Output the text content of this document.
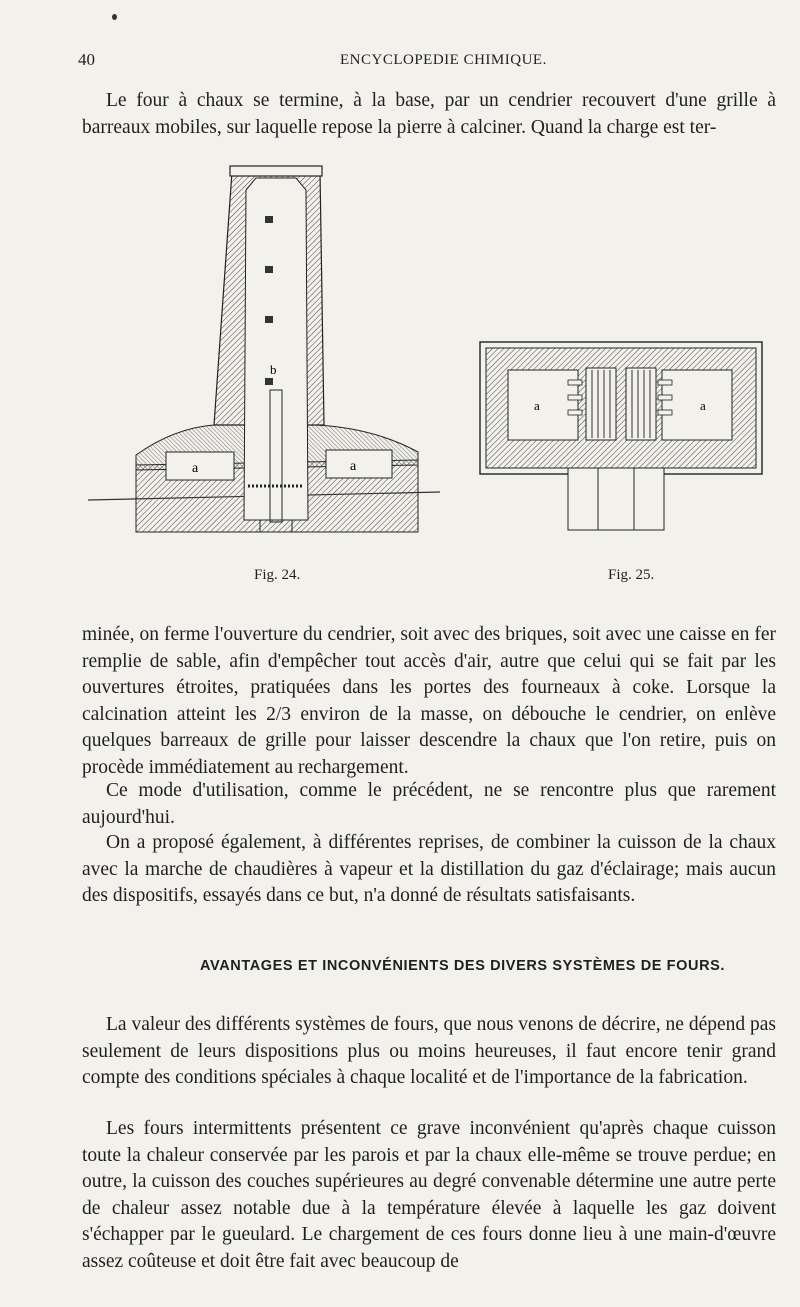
40	ENCYCLOPEDIE CHIMIQUE.

Le four à chaux se termine, à la base, par un cendrier recouvert d'une grille à barreaux mobiles, sur laquelle repose la pierre à calciner. Quand la charge est ter-

b
a	a
Fig. 24.
a	a
Fig. 25.

minée, on ferme l'ouverture du cendrier, soit avec des briques, soit avec une caisse en fer remplie de sable, afin d'empêcher tout accès d'air, autre que celui qui se fait par les ouvertures étroites, pratiquées dans les portes des fourneaux à coke. Lorsque la calcination atteint les 2/3 environ de la masse, on débouche le cendrier, on enlève quelques barreaux de grille pour laisser descendre la chaux que l'on retire, puis on procède immédiatement au rechargement.

Ce mode d'utilisation, comme le précédent, ne se rencontre plus que rarement aujourd'hui.

On a proposé également, à différentes reprises, de combiner la cuisson de la chaux avec la marche de chaudières à vapeur et la distillation du gaz d'éclairage; mais aucun des dispositifs, essayés dans ce but, n'a donné de résultats satisfaisants.

AVANTAGES ET INCONVÉNIENTS DES DIVERS SYSTÈMES DE FOURS.

La valeur des différents systèmes de fours, que nous venons de décrire, ne dépend pas seulement de leurs dispositions plus ou moins heureuses, il faut encore tenir grand compte des conditions spéciales à chaque localité et de l'importance de la fabrication.

Les fours intermittents présentent ce grave inconvénient qu'après chaque cuisson toute la chaleur conservée par les parois et par la chaux elle-même se trouve perdue; en outre, la cuisson des couches supérieures au degré convenable détermine une autre perte de chaleur assez notable due à la température élevée à laquelle les gaz doivent s'échapper par le gueulard. Le chargement de ces fours donne lieu à une main-d'œuvre assez coûteuse et doit être fait avec beaucoup de
